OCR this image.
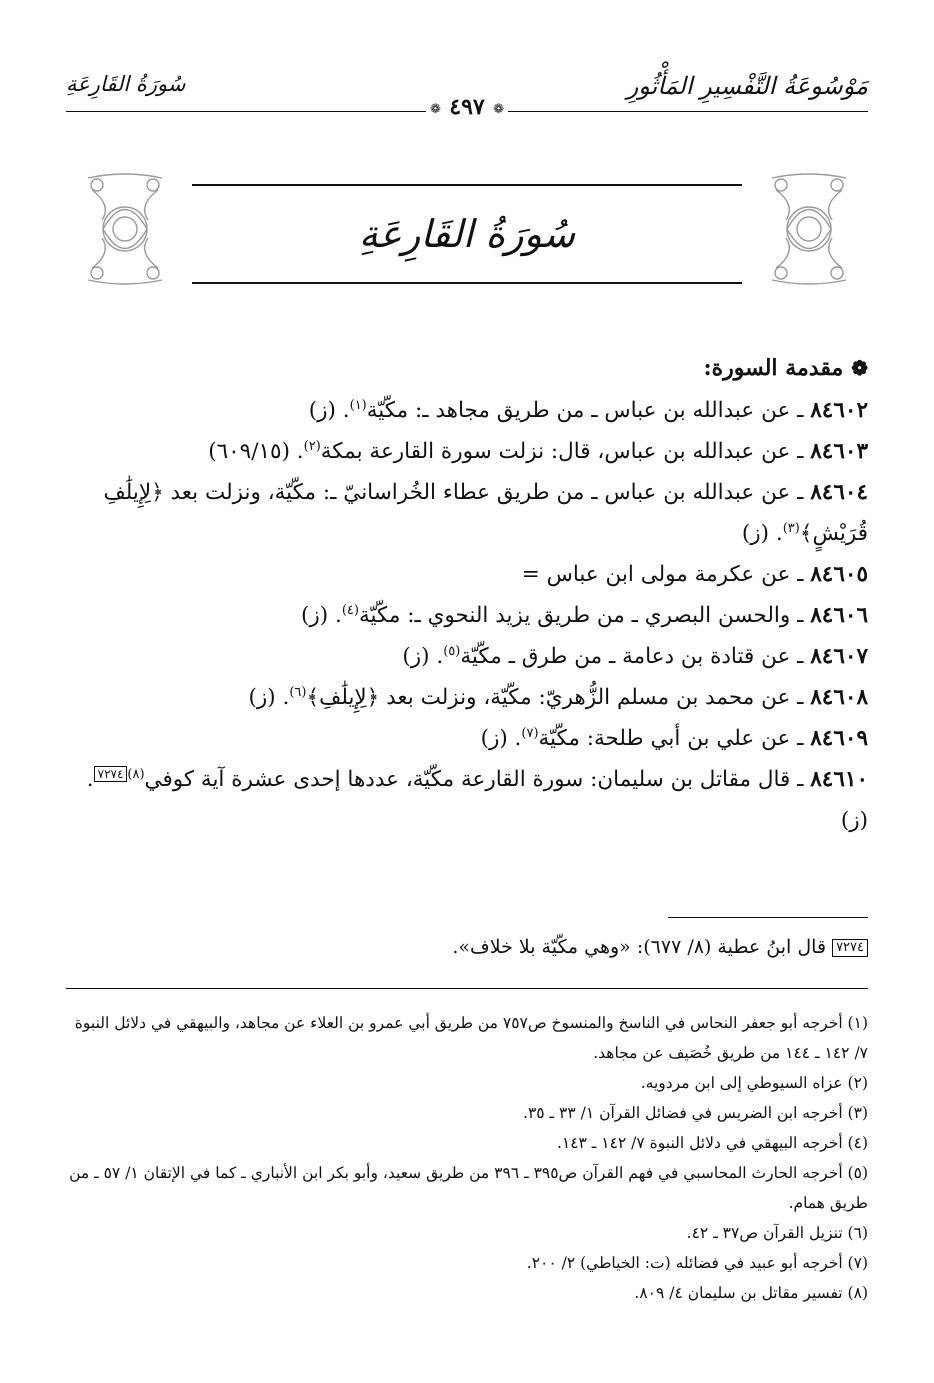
مَوْسُوعَةُ التَّفْسِيرِ المَأْثُورِ
سُورَةُ القَارِعَةِ
❁ ٤٩٧ ❁
سُورَةُ القَارِعَةِ
❁مقدمة السورة:
٨٤٦٠٢ ـ عن عبدالله بن عباس ـ من طريق مجاهد ـ: مكّيّة$^{(١)}$. (ز)
٨٤٦٠٣ ـ عن عبدالله بن عباس، قال: نزلت سورة القارعة بمكة$^{(٢)}$. (٦٠٩/١٥)
٨٤٦٠٤ ـ عن عبدالله بن عباس ـ من طريق عطاء الخُراسانيّ ـ: مكّيّة، ونزلت بعد ﴿لِإِيلَٰفِ قُرَيْشٍ﴾$^{(٣)}$. (ز)
٨٤٦٠٥ ـ عن عكرمة مولى ابن عباس =
٨٤٦٠٦ ـ والحسن البصري ـ من طريق يزيد النحوي ـ: مكّيّة$^{(٤)}$. (ز)
٨٤٦٠٧ ـ عن قتادة بن دعامة ـ من طرق ـ مكّيّة$^{(٥)}$. (ز)
٨٤٦٠٨ ـ عن محمد بن مسلم الزُّهريّ: مكّيّة، ونزلت بعد ﴿لِإِيلَٰفِ﴾$^{(٦)}$. (ز)
٨٤٦٠٩ ـ عن علي بن أبي طلحة: مكّيّة$^{(٧)}$. (ز)
٨٤٦١٠ ـ قال مقاتل بن سليمان: سورة القارعة مكّيّة، عددها إحدى عشرة آية كوفي$^{(٨)}$٧٢٧٤. (ز)
٧٢٧٤قال ابنُ عطية (٨/ ٦٧٧): «وهي مكّيّة بلا خلاف».

(١) أخرجه أبو جعفر النحاس في الناسخ والمنسوخ ص٧٥٧ من طريق أبي عمرو بن العلاء عن مجاهد، والبيهقي في دلائل النبوة ٧/ ١٤٢ ـ ١٤٤ من طريق خُصَيف عن مجاهد.

(٢) عزاه السيوطي إلى ابن مردويه.

(٣) أخرجه ابن الضريس في فضائل القرآن ١/ ٣٣ ـ ٣٥.

(٤) أخرجه البيهقي في دلائل النبوة ٧/ ١٤٢ ـ ١٤٣.

(٥) أخرجه الحارث المحاسبي في فهم القرآن ص٣٩٥ ـ ٣٩٦ من طريق سعيد، وأبو بكر ابن الأنباري ـ كما في الإتقان ١/ ٥٧ ـ من طريق همام.

(٦) تنزيل القرآن ص٣٧ ـ ٤٢.

(٧) أخرجه أبو عبيد في فضائله (ت: الخياطي) ٢/ ٢٠٠.

(٨) تفسير مقاتل بن سليمان ٤/ ٨٠٩.
